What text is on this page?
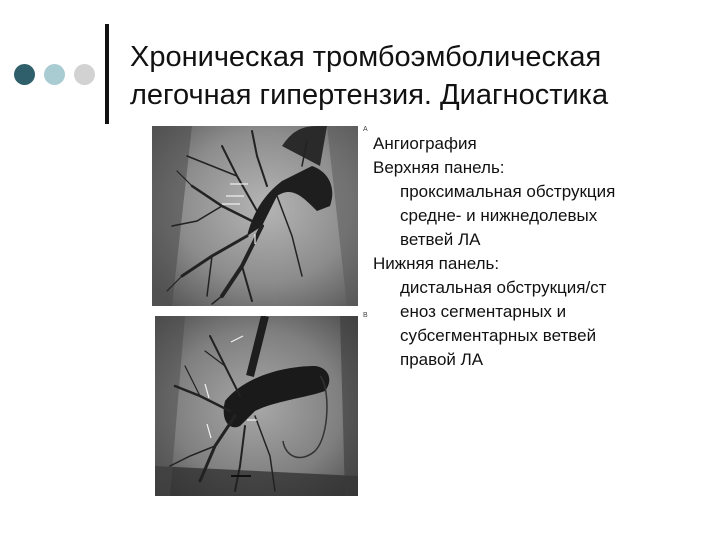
Хроническая тромбоэмболическая
легочная гипертензия. Диагностика
A
B
Ангиография
Верхняя панель:
проксимальная обструкция
средне- и нижнедолевых
ветвей ЛА
Нижняя панель:
дистальная обструкция/ст
еноз сегментарных и
субсегментарных ветвей
правой ЛА
